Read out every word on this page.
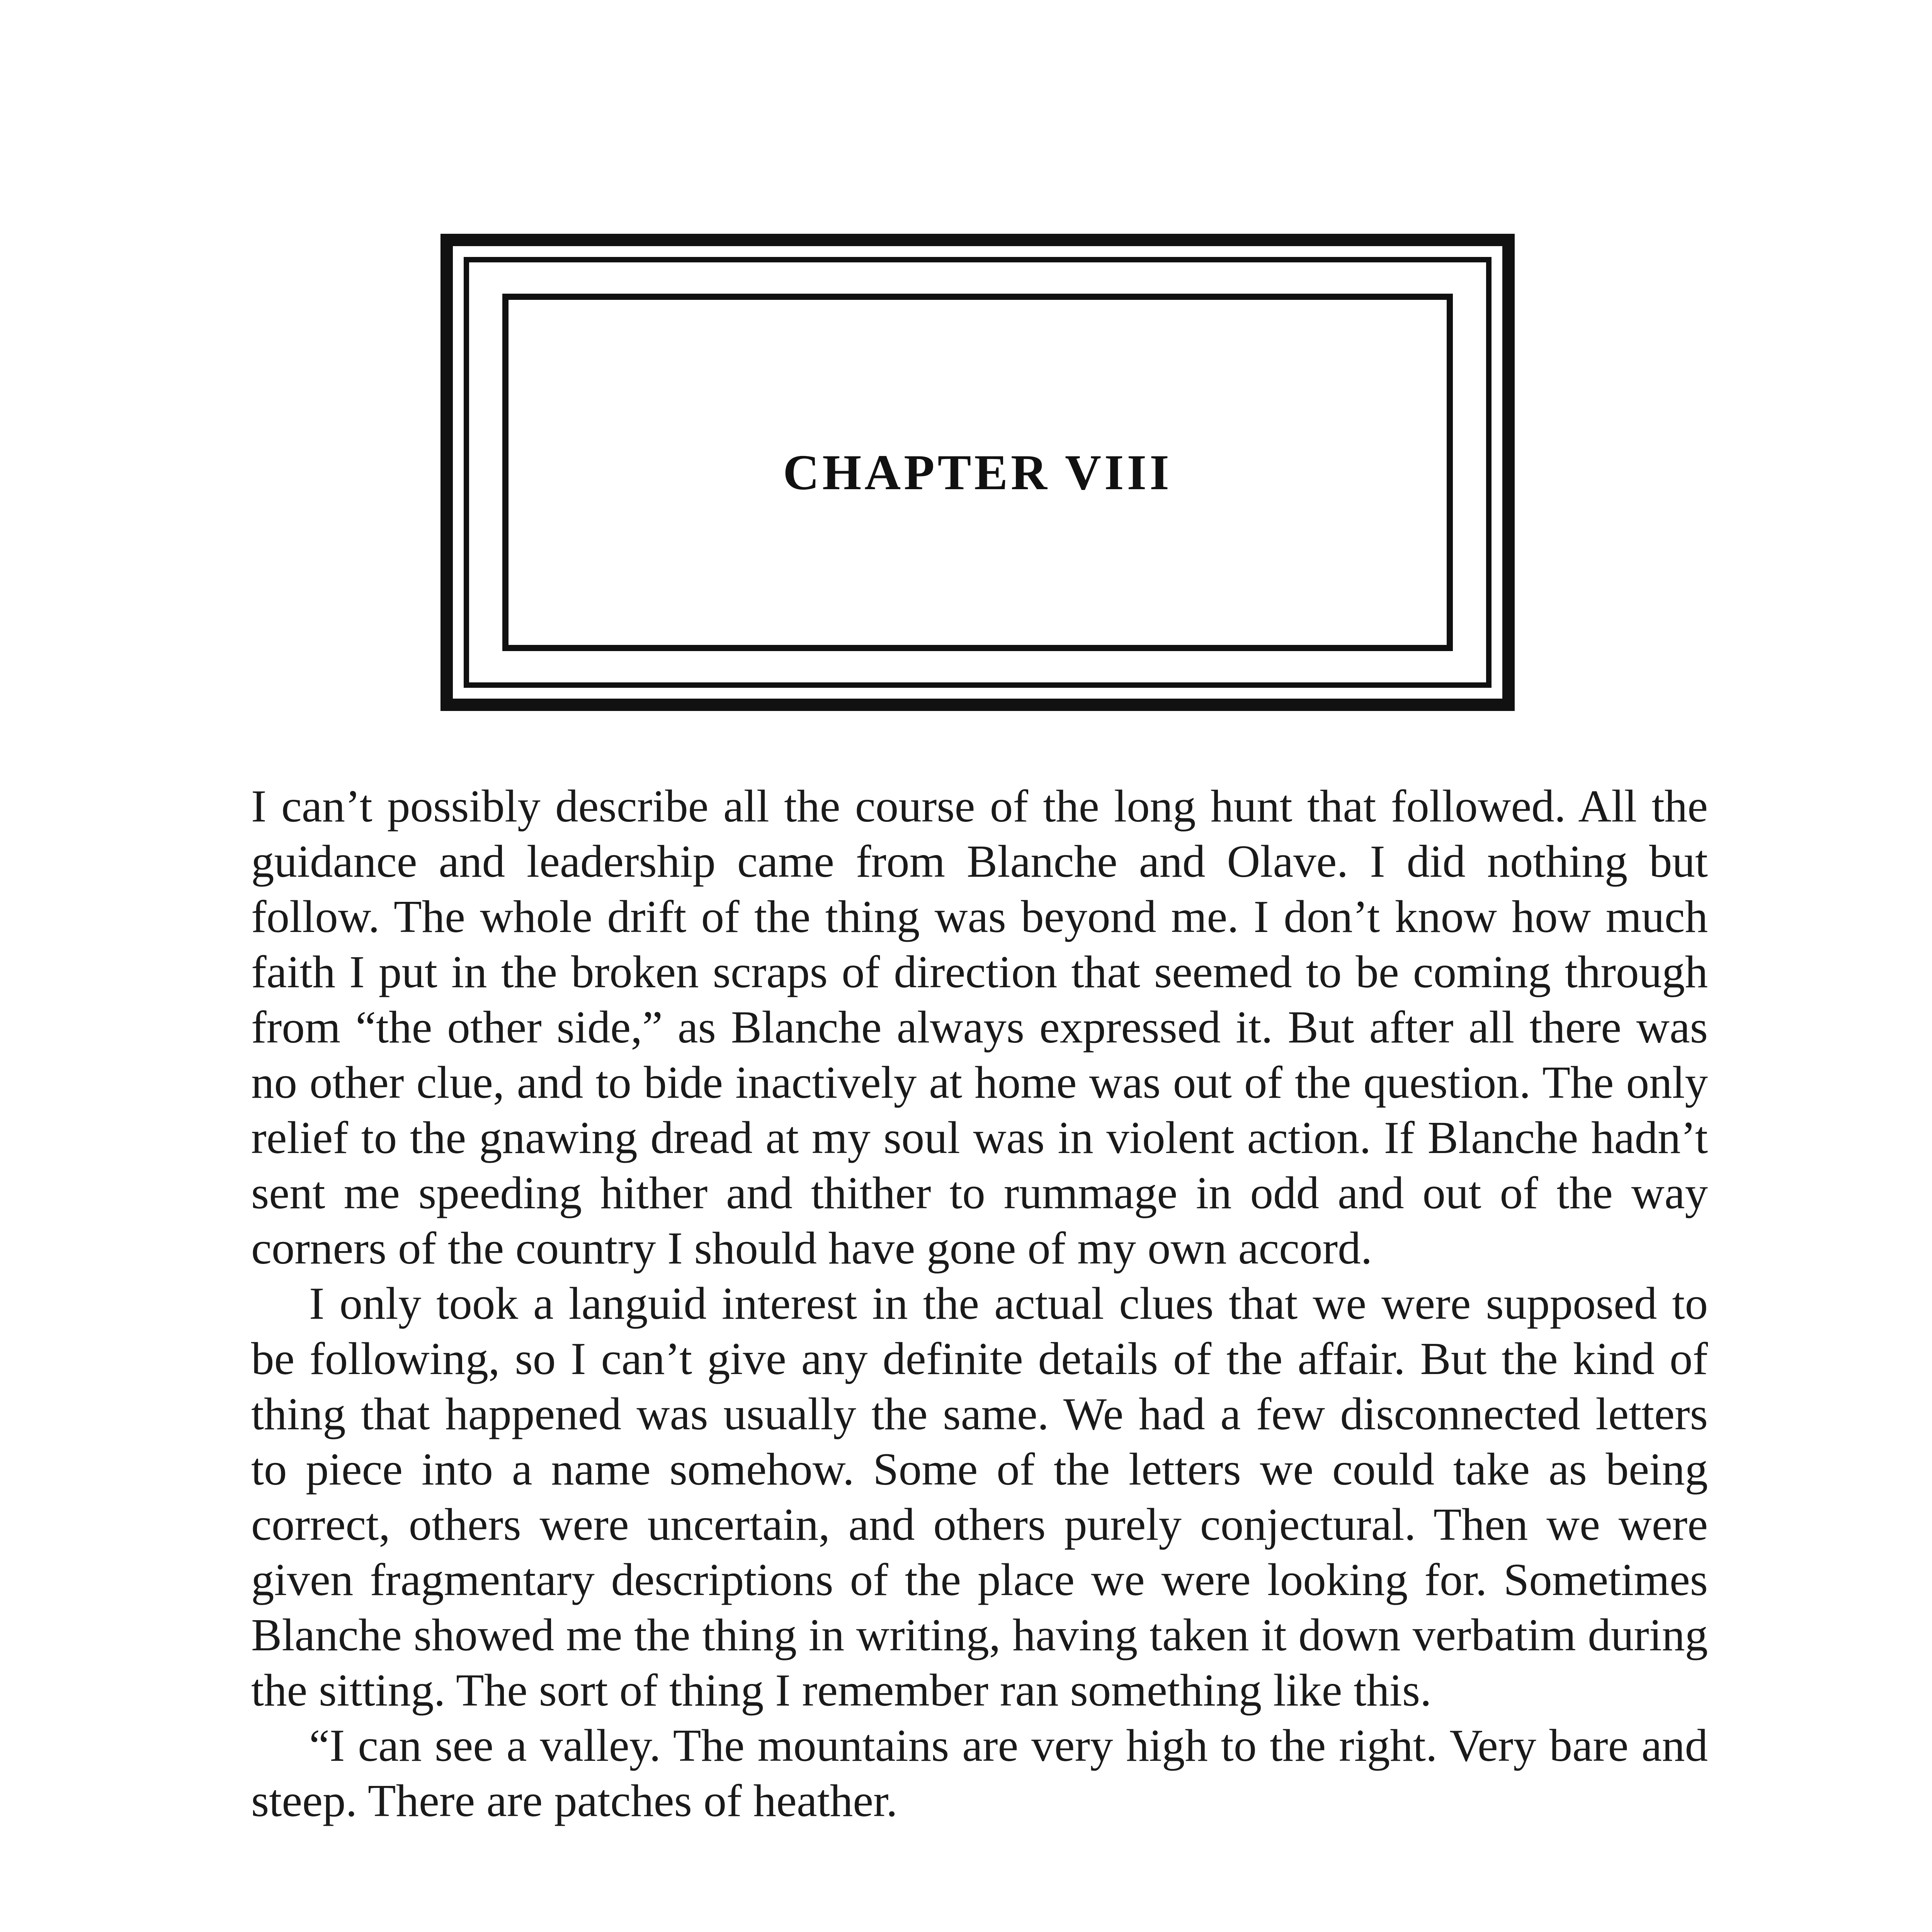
CHAPTER VIII

I can’t possibly describe all the course of the long hunt that followed. All the guidance and leadership came from Blanche and Olave. I did nothing but follow. The whole drift of the thing was beyond me. I don’t know how much faith I put in the broken scraps of direction that seemed to be coming through from “the other side,” as Blanche always expressed it. But after all there was no other clue, and to bide inactively at home was out of the question. The only relief to the gnawing dread at my soul was in violent action. If Blanche hadn’t sent me speeding hither and thither to rummage in odd and out of the way corners of the country I should have gone of my own accord.

I only took a languid interest in the actual clues that we were supposed to be following, so I can’t give any definite details of the affair. But the kind of thing that happened was usually the same. We had a few disconnected letters to piece into a name somehow. Some of the letters we could take as being correct, others were uncertain, and others purely conjectural. Then we were given fragmentary descriptions of the place we were looking for. Sometimes Blanche showed me the thing in writing, having taken it down verbatim during the sitting. The sort of thing I remember ran something like this.

“I can see a valley. The mountains are very high to the right. Very bare and steep. There are patches of heather.
